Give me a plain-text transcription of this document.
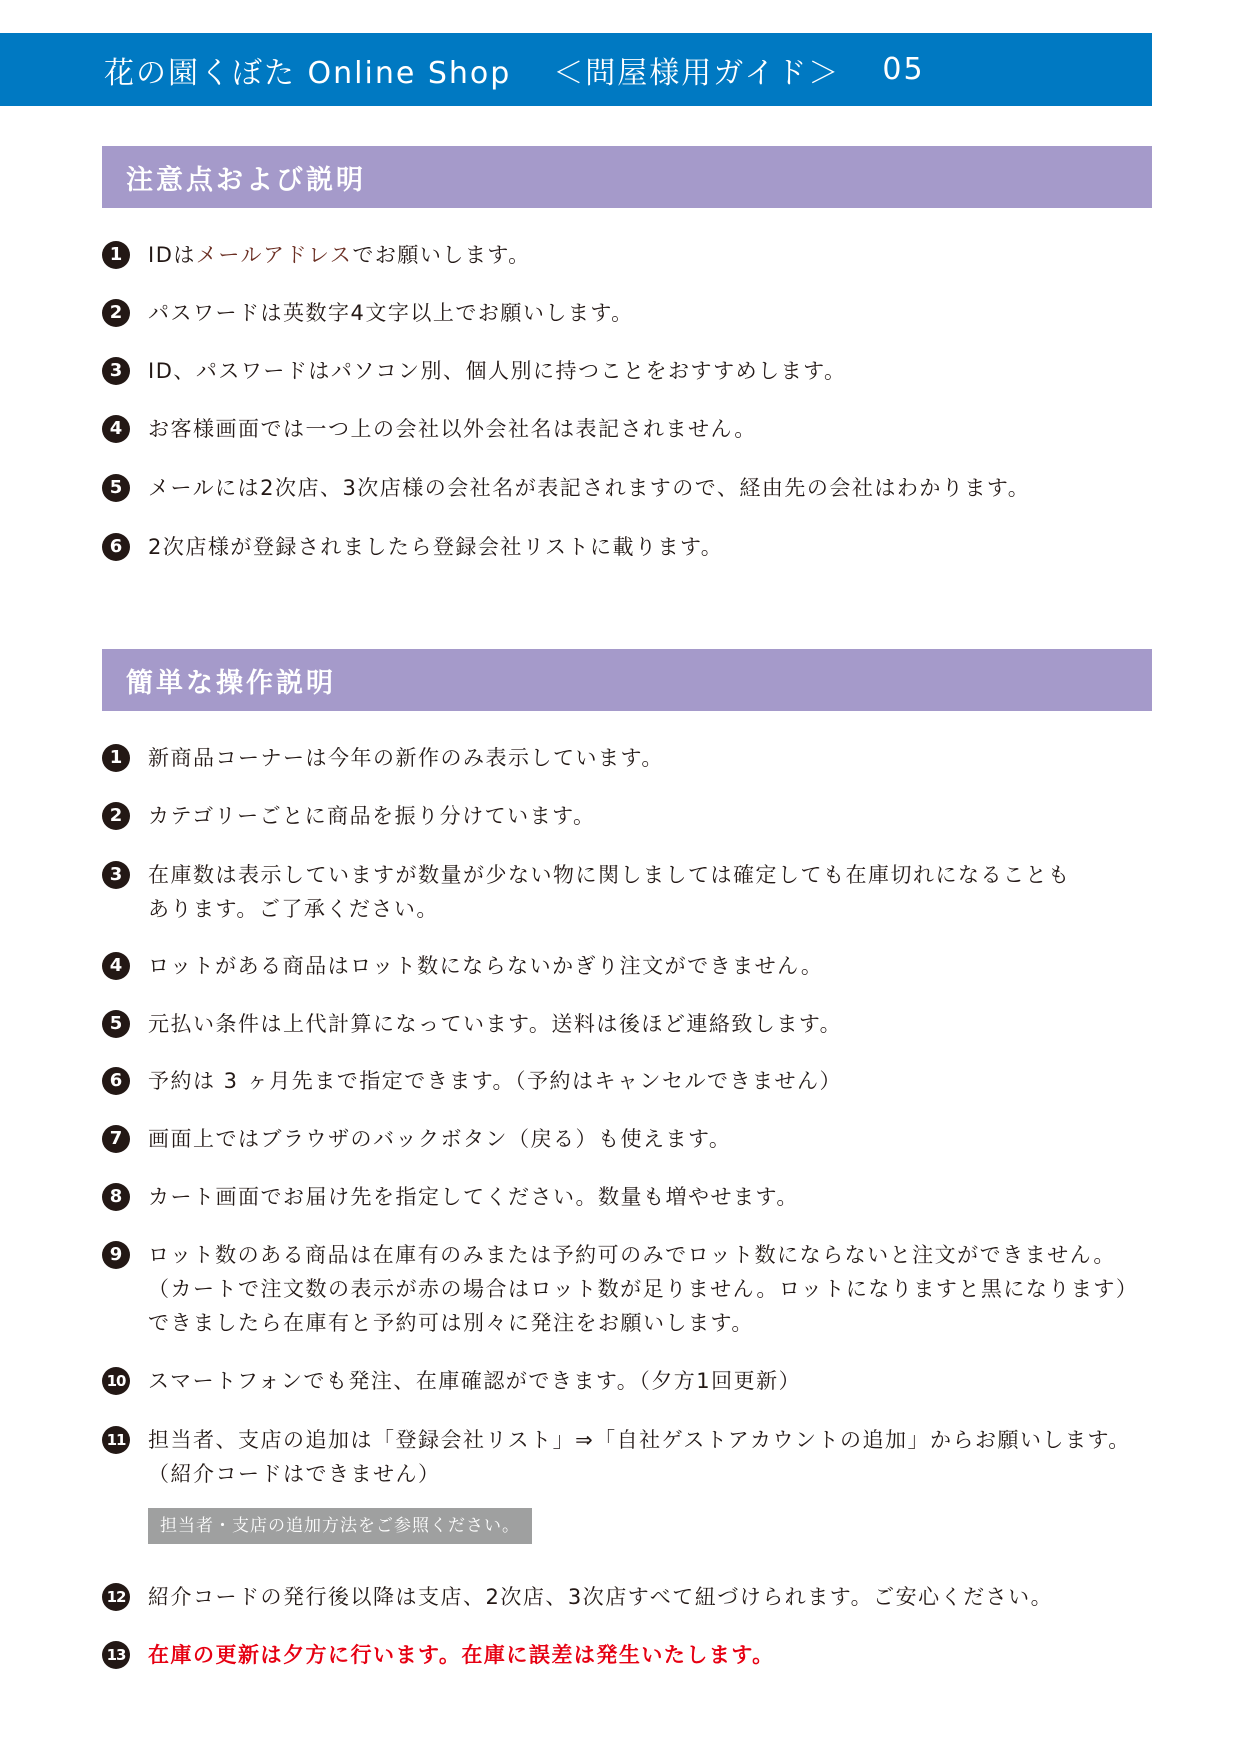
花の園くぼた Online Shop ＜問屋様用ガイド＞ 05
注意点および説明
1	IDはメールアドレスでお願いします。
2	パスワードは英数字4文字以上でお願いします。
3	ID、パスワードはパソコン別、個人別に持つことをおすすめします。
4	お客様画面では一つ上の会社以外会社名は表記されません。
5	メールには2次店、3次店様の会社名が表記されますので、経由先の会社はわかります。
6	2次店様が登録されましたら登録会社リストに載ります。
簡単な操作説明
1	新商品コーナーは今年の新作のみ表示しています。
2	カテゴリーごとに商品を振り分けています。
3	在庫数は表示していますが数量が少ない物に関しましては確定しても在庫切れになることも
あります。ご了承ください。
4	ロットがある商品はロット数にならないかぎり注文ができません。
5	元払い条件は上代計算になっています。送料は後ほど連絡致します。
6	予約は 3 ヶ月先まで指定できます。（予約はキャンセルできません）
7	画面上ではブラウザのバックボタン（戻る）も使えます。
8	カート画面でお届け先を指定してください。数量も増やせます。
9	ロット数のある商品は在庫有のみまたは予約可のみでロット数にならないと注文ができません。
（カートで注文数の表示が赤の場合はロット数が足りません。ロットになりますと黒になります）
できましたら在庫有と予約可は別々に発注をお願いします。
10 スマートフォンでも発注、在庫確認ができます。（夕方1回更新）
11 担当者、支店の追加は「登録会社リスト」⇒「自社ゲストアカウントの追加」からお願いします。
（紹介コードはできません）
担当者・支店の追加方法をご参照ください。
12 紹介コードの発行後以降は支店、2次店、3次店すべて紐づけられます。ご安心ください。
13 在庫の更新は夕方に行います。在庫に誤差は発生いたします。
